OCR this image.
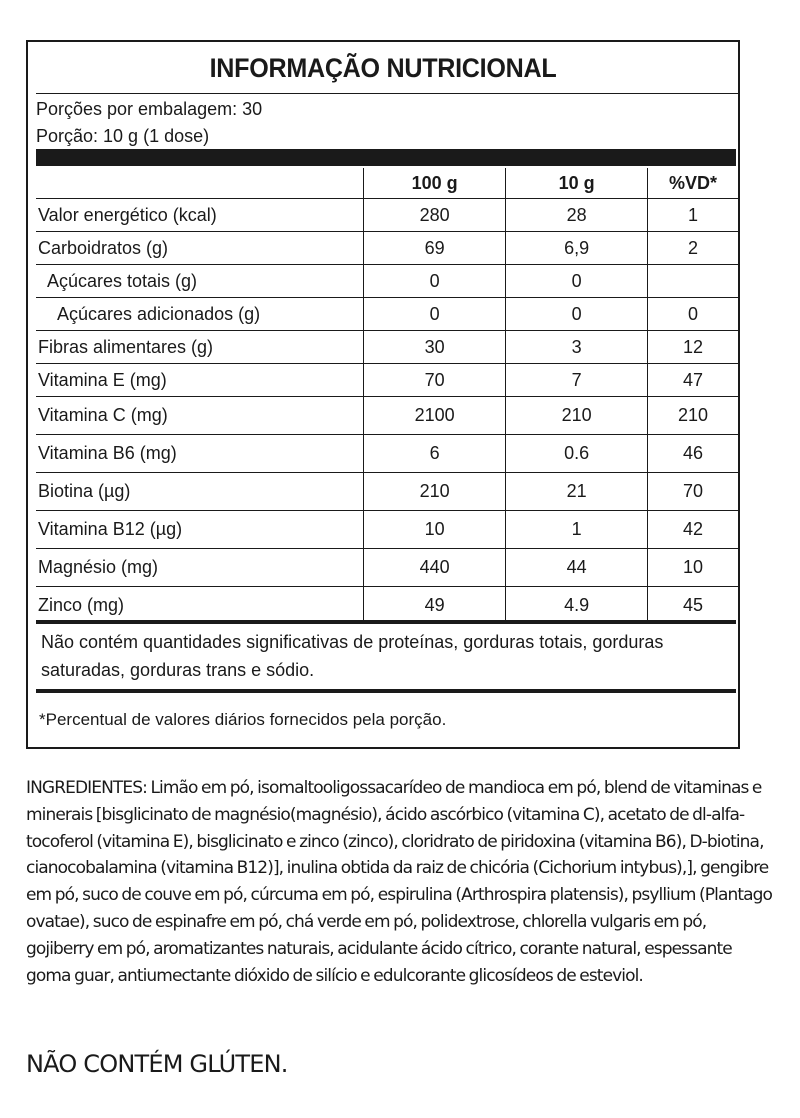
INFORMAÇÃO NUTRICIONAL
Porções por embalagem: 30
Porção: 10 g (1 dose)
	100 g	10 g	%VD*
Valor energético (kcal)	280	28	1
Carboidratos (g)	69	6,9	2
Açúcares totais (g)	0	0	
Açúcares adicionados (g)	0	0	0
Fibras alimentares (g)	30	3	12
Vitamina E (mg)	70	7	47
Vitamina C (mg)	2100	210	210
Vitamina B6 (mg)	6	0.6	46
Biotina (µg)	210	21	70
Vitamina B12 (µg)	10	1	42
Magnésio (mg)	440	44	10
Zinco (mg)	49	4.9	45
Não contém quantidades significativas de proteínas, gorduras totais, gorduras saturadas, gorduras trans e sódio.
*Percentual de valores diários fornecidos pela porção.
INGREDIENTES: Limão em pó, isomaltooligossacarídeo de mandioca em pó, blend de vitaminas e minerais [bisglicinato de magnésio(magnésio), ácido ascórbico (vitamina C), acetato de dl-alfa-tocoferol (vitamina E), bisglicinato e zinco (zinco), cloridrato de piridoxina (vitamina B6), D-biotina, cianocobalamina (vitamina B12)], inulina obtida da raiz de chicória (Cichorium intybus),], gengibre em pó, suco de couve em pó, cúrcuma em pó, espirulina (Arthrospira platensis), psyllium (Plantago ovatae), suco de espinafre em pó, chá verde em pó, polidextrose, chlorella vulgaris em pó, gojiberry em pó, aromatizantes naturais, acidulante ácido cítrico, corante natural, espessante goma guar, antiumectante dióxido de silício e edulcorante glicosídeos de esteviol.
NÃO CONTÉM GLÚTEN.
